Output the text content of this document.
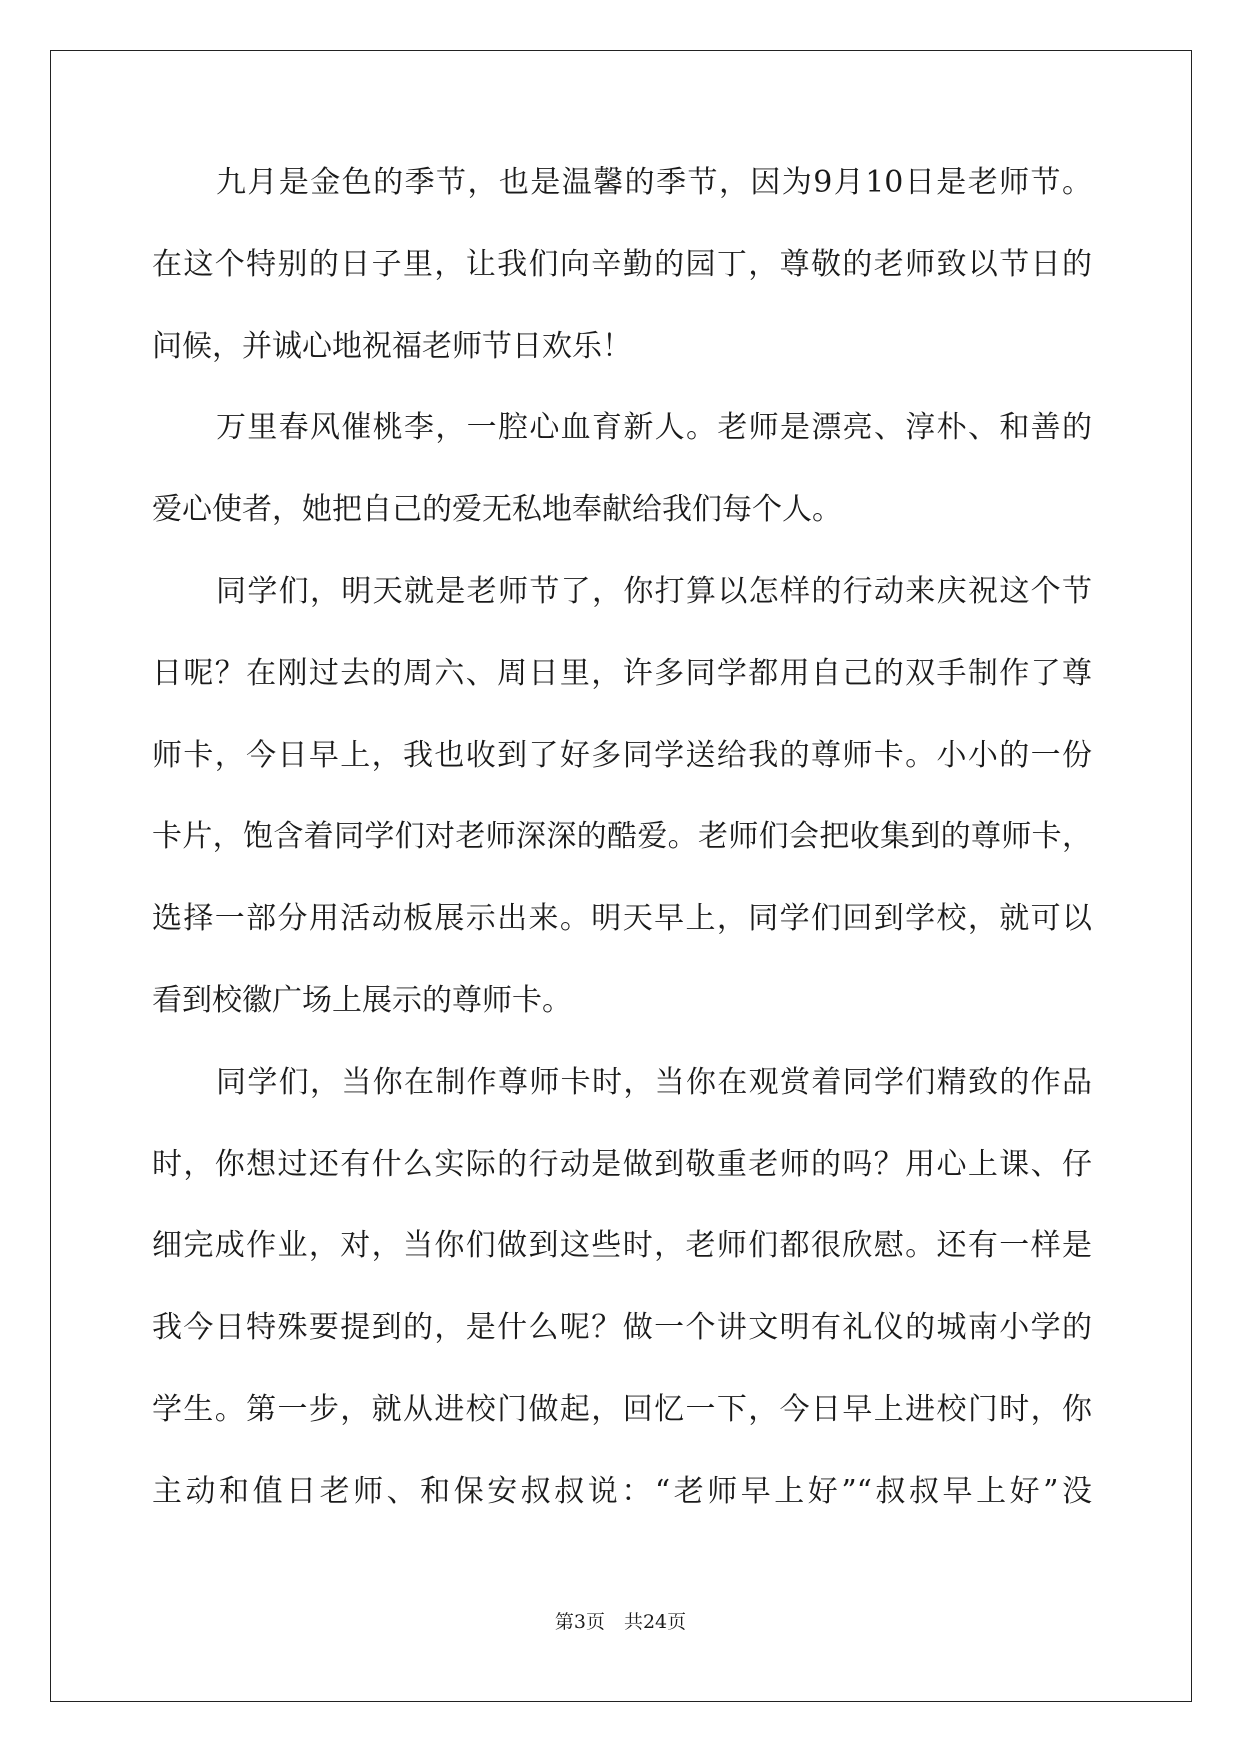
九月是金色的季节，也是温馨的季节，因为9月10日是老师节。
在这个特别的日子里，让我们向辛勤的园丁，尊敬的老师致以节日的
问候，并诚心地祝福老师节日欢乐！
万里春风催桃李，一腔心血育新人。老师是漂亮、淳朴、和善的
爱心使者，她把自己的爱无私地奉献给我们每个人。
同学们，明天就是老师节了，你打算以怎样的行动来庆祝这个节
日呢？在刚过去的周六、周日里，许多同学都用自己的双手制作了尊
师卡，今日早上，我也收到了好多同学送给我的尊师卡。小小的一份
卡片，饱含着同学们对老师深深的酷爱。老师们会把收集到的尊师卡，
选择一部分用活动板展示出来。明天早上，同学们回到学校，就可以
看到校徽广场上展示的尊师卡。
同学们，当你在制作尊师卡时，当你在观赏着同学们精致的作品
时，你想过还有什么实际的行动是做到敬重老师的吗？用心上课、仔
细完成作业，对，当你们做到这些时，老师们都很欣慰。还有一样是
我今日特殊要提到的，是什么呢？做一个讲文明有礼仪的城南小学的
学生。第一步，就从进校门做起，回忆一下，今日早上进校门时，你
主动和值日老师、和保安叔叔说：“老师早上好”“叔叔早上好”没
第3页　共24页
